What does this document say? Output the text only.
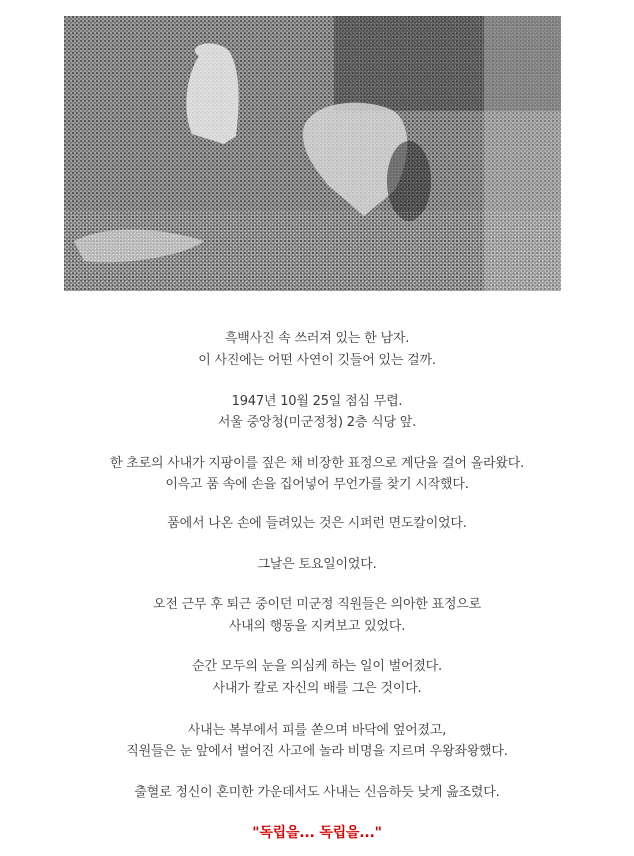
흑백사진 속 쓰러져 있는 한 남자.
이 사진에는 어떤 사연이 깃들어 있는 걸까.
1947년 10월 25일 점심 무렵.
서울 중앙청(미군정청) 2층 식당 앞.
한 초로의 사내가 지팡이를 짚은 채 비장한 표정으로 계단을 걸어 올라왔다.
이윽고 품 속에 손을 집어넣어 무언가를 찾기 시작했다.
품에서 나온 손에 들려있는 것은 시퍼런 면도칼이었다.
그날은 토요일이었다.
오전 근무 후 퇴근 중이던 미군정 직원들은 의아한 표정으로
사내의 행동을 지켜보고 있었다.
순간 모두의 눈을 의심케 하는 일이 벌어졌다.
사내가 칼로 자신의 배를 그은 것이다.
사내는 복부에서 피를 쏟으며 바닥에 엎어졌고,
직원들은 눈 앞에서 벌어진 사고에 놀라 비명을 지르며 우왕좌왕했다.
출혈로 정신이 혼미한 가운데서도 사내는 신음하듯 낮게 읊조렸다.
"독립을... 독립을..."
